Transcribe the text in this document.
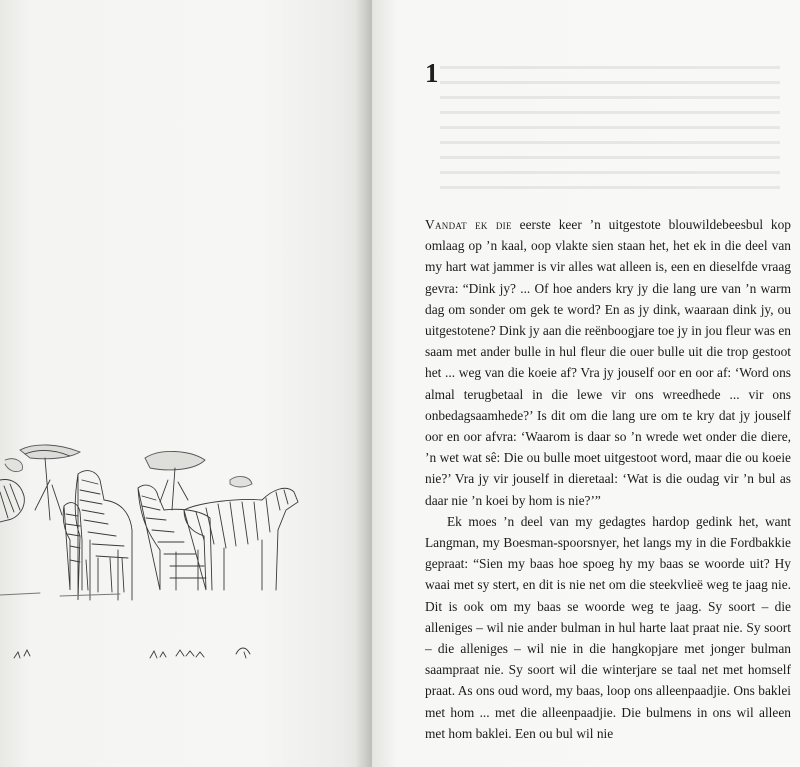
1

Vandat ek die eerste keer ’n uitgestote blouwildebeesbul kop omlaag op ’n kaal, oop vlakte sien staan het, het ek in die deel van my hart wat jammer is vir alles wat alleen is, een en dieselfde vraag gevra: “Dink jy? ... Of hoe anders kry jy die lang ure van ’n warm dag om sonder om gek te word? En as jy dink, waaraan dink jy, ou uitgestotene? Dink jy aan die reënboogjare toe jy in jou fleur was en saam met ander bulle in hul fleur die ouer bulle uit die trop gestoot het ... weg van die koeie af? Vra jy jouself oor en oor af: ‘Word ons almal terugbetaal in die lewe vir ons wreedhede ... vir ons onbedagsaamhede?’ Is dit om die lang ure om te kry dat jy jouself oor en oor afvra: ‘Waarom is daar so ’n wrede wet onder die diere, ’n wet wat sê: Die ou bulle moet uitgestoot word, maar die ou koeie nie?’ Vra jy vir jouself in dieretaal: ‘Wat is die oudag vir ’n bul as daar nie ’n koei by hom is nie?’”

Ek moes ’n deel van my gedagtes hardop gedink het, want Langman, my Boesman-spoorsnyer, het langs my in die Fordbakkie gepraat: “Sien my baas hoe spoeg hy my baas se woorde uit? Hy waai met sy stert, en dit is nie net om die steekvlieë weg te jaag nie. Dit is ook om my baas se woorde weg te jaag. Sy soort – die alleniges – wil nie ander bulman in hul harte laat praat nie. Sy soort – die alleniges – wil nie in die hangkopjare met jonger bulman saampraat nie. Sy soort wil die winterjare se taal net met homself praat. As ons oud word, my baas, loop ons alleenpaadjie. Ons baklei met hom ... met die alleenpaadjie. Die bulmens in ons wil alleen met hom baklei. Een ou bul wil nie
